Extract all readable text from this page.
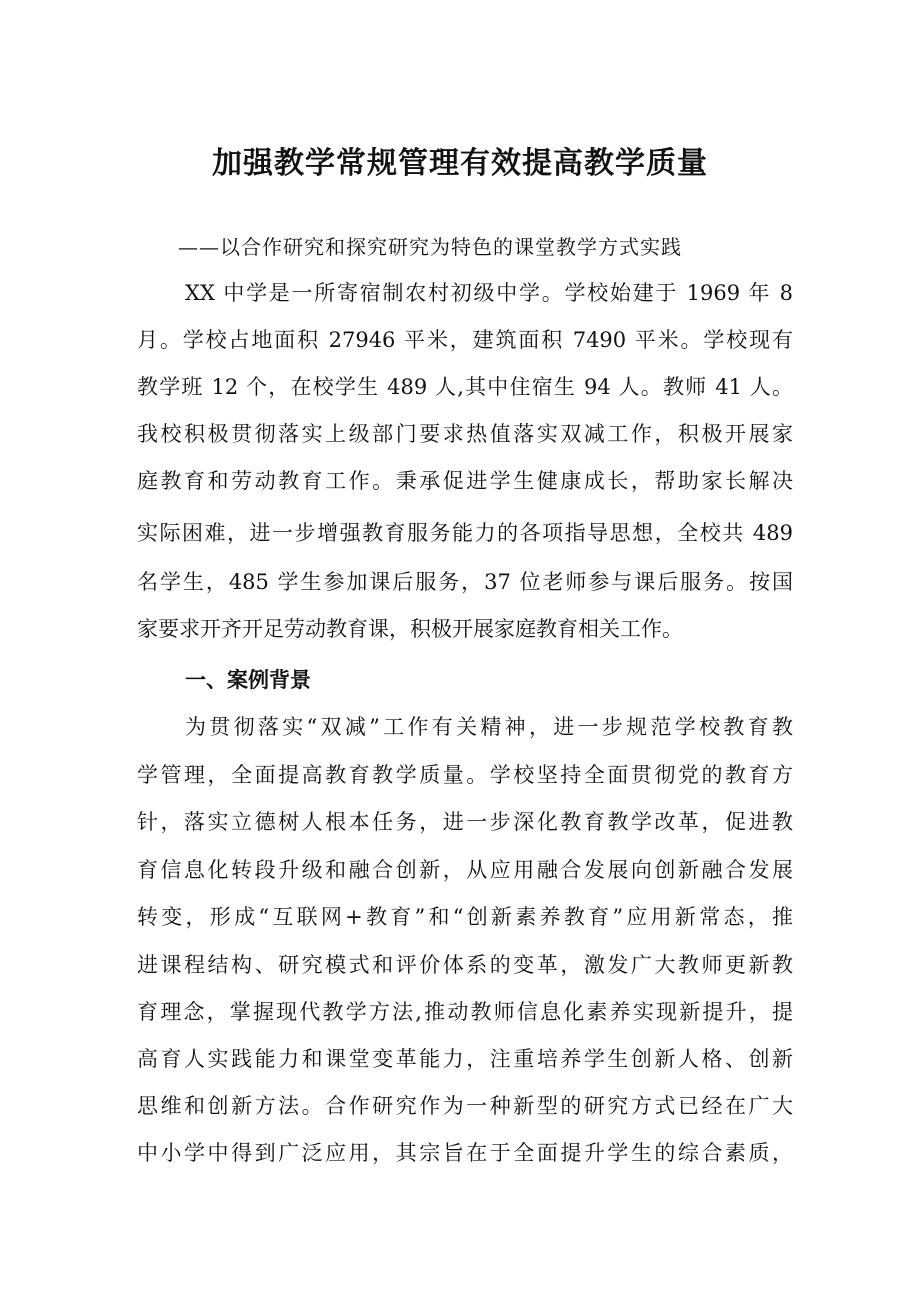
加强教学常规管理有效提高教学质量

——以合作研究和探究研究为特色的课堂教学方式实践

XX 中学是一所寄宿制农村初级中学。学校始建于 1969 年 8

月。学校占地面积 27946 平米，建筑面积 7490 平米。学校现有

教学班 12 个，在校学生 489 人,其中住宿生 94 人。教师 41 人。

我校积极贯彻落实上级部门要求热值落实双减工作，积极开展家

庭教育和劳动教育工作。秉承促进学生健康成长，帮助家长解决

实际困难，进一步增强教育服务能力的各项指导思想，全校共 489

名学生，485 学生参加课后服务，37 位老师参与课后服务。按国

家要求开齐开足劳动教育课，积极开展家庭教育相关工作。

一、案例背景

为贯彻落实“双减”工作有关精神，进一步规范学校教育教

学管理，全面提高教育教学质量。学校坚持全面贯彻党的教育方

针，落实立德树人根本任务，进一步深化教育教学改革，促进教

育信息化转段升级和融合创新，从应用融合发展向创新融合发展

转变，形成“互联网+教育”和“创新素养教育”应用新常态，推

进课程结构、研究模式和评价体系的变革，激发广大教师更新教

育理念，掌握现代教学方法,推动教师信息化素养实现新提升，提

高育人实践能力和课堂变革能力，注重培养学生创新人格、创新

思维和创新方法。合作研究作为一种新型的研究方式已经在广大

中小学中得到广泛应用，其宗旨在于全面提升学生的综合素质，
